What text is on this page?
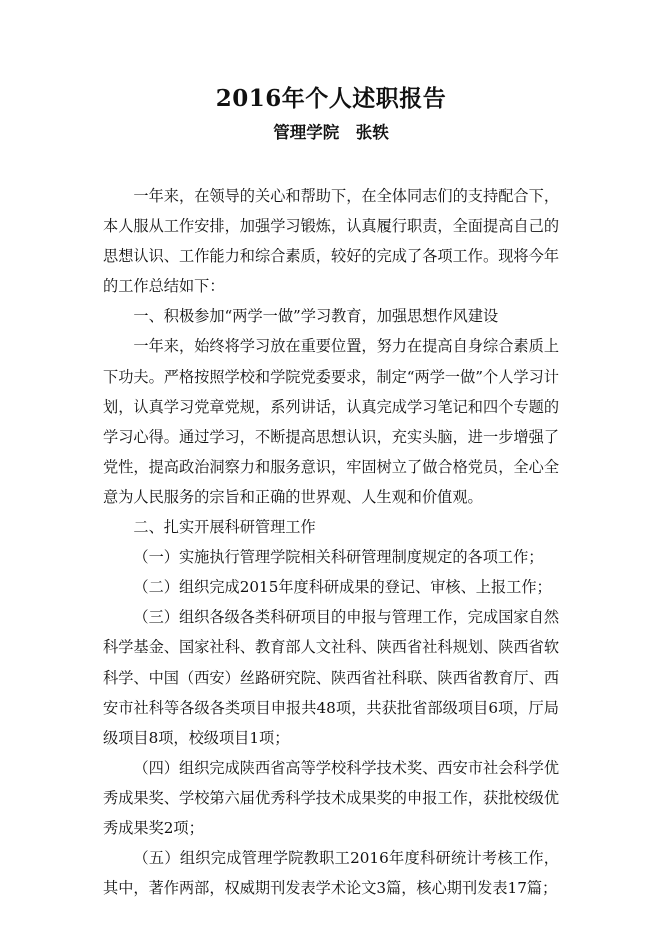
2016年个人述职报告
管理学院　张轶

一年来，在领导的关心和帮助下，在全体同志们的支持配合下，本人服从工作安排，加强学习锻炼，认真履行职责，全面提高自己的思想认识、工作能力和综合素质，较好的完成了各项工作。现将今年的工作总结如下：

一、积极参加“两学一做”学习教育，加强思想作风建设

一年来，始终将学习放在重要位置，努力在提高自身综合素质上下功夫。严格按照学校和学院党委要求，制定“两学一做”个人学习计划，认真学习党章党规，系列讲话，认真完成学习笔记和四个专题的学习心得。通过学习，不断提高思想认识，充实头脑，进一步增强了党性，提高政治洞察力和服务意识，牢固树立了做合格党员，全心全意为人民服务的宗旨和正确的世界观、人生观和价值观。

二、扎实开展科研管理工作

（一）实施执行管理学院相关科研管理制度规定的各项工作；

（二）组织完成2015年度科研成果的登记、审核、上报工作；

（三）组织各级各类科研项目的申报与管理工作，完成国家自然科学基金、国家社科、教育部人文社科、陕西省社科规划、陕西省软科学、中国（西安）丝路研究院、陕西省社科联、陕西省教育厅、西安市社科等各级各类项目申报共48项，共获批省部级项目6项，厅局级项目8项，校级项目1项；

（四）组织完成陕西省高等学校科学技术奖、西安市社会科学优秀成果奖、学校第六届优秀科学技术成果奖的申报工作，获批校级优秀成果奖2项；

（五）组织完成管理学院教职工2016年度科研统计考核工作，其中，著作两部，权威期刊发表学术论文3篇，核心期刊发表17篇；
